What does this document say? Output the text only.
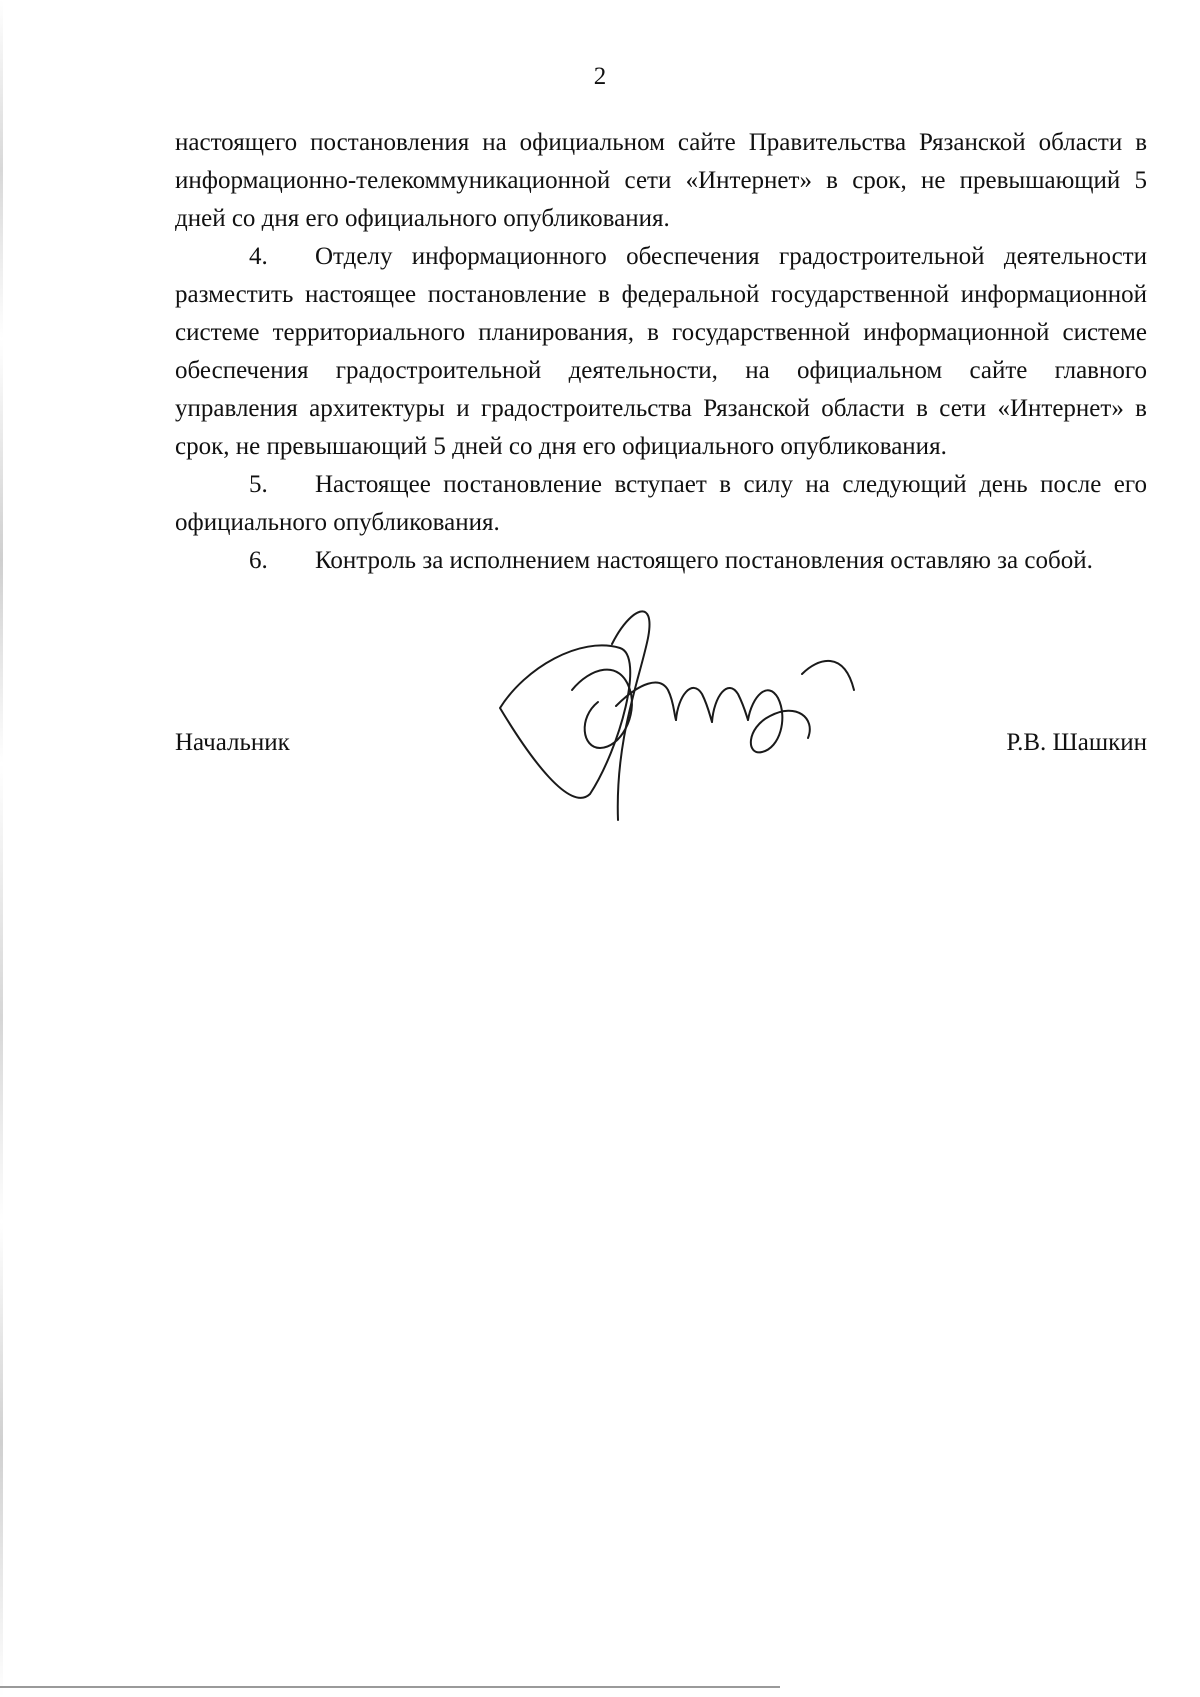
2

настоящего постановления на официальном сайте Правительства Рязанской области в информационно-телекоммуникационной сети «Интернет» в срок, не превышающий 5 дней со дня его официального опубликования.

4. Отделу информационного обеспечения градостроительной деятельности разместить настоящее постановление в федеральной государственной информационной системе территориального планирования, в государственной информационной системе обеспечения градостроительной деятельности, на официальном сайте главного управления архитектуры и градостроительства Рязанской области в сети «Интернет» в срок, не превышающий 5 дней со дня его официального опубликования.

5. Настоящее постановление вступает в силу на следующий день после его официального опубликования.

6. Контроль за исполнением настоящего постановления оставляю за собой.

Начальник	Р.В. Шашкин
